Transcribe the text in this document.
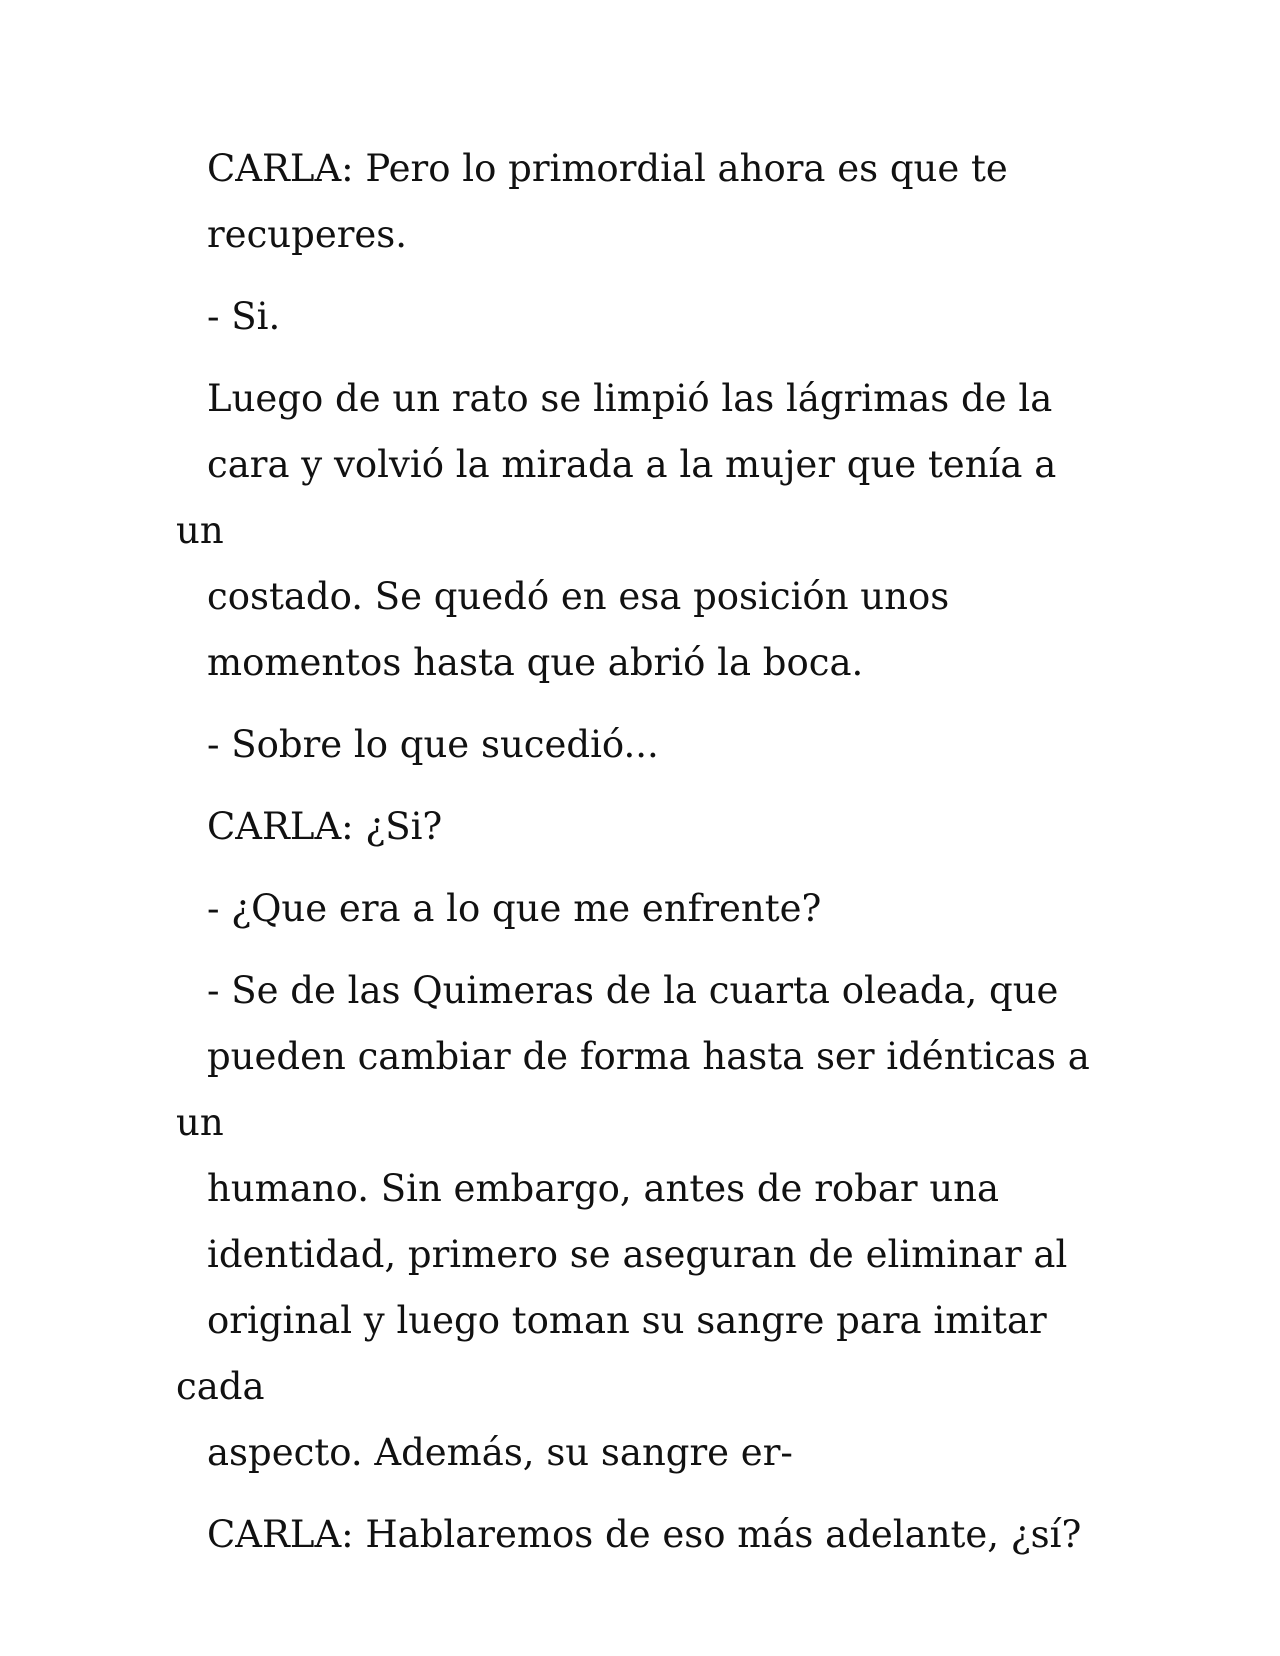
CARLA: Pero lo primordial ahora es que te
recuperes.

- Si.

Luego de un rato se limpió las lágrimas de la
cara y volvió la mirada a la mujer que tenía a un
costado. Se quedó en esa posición unos
momentos hasta que abrió la boca.

- Sobre lo que sucedió...

CARLA: ¿Si?

- ¿Que era a lo que me enfrente?

- Se de las Quimeras de la cuarta oleada, que
pueden cambiar de forma hasta ser idénticas a un
humano. Sin embargo, antes de robar una
identidad, primero se aseguran de eliminar al
original y luego toman su sangre para imitar cada
aspecto. Además, su sangre er-

CARLA: Hablaremos de eso más adelante, ¿sí?
